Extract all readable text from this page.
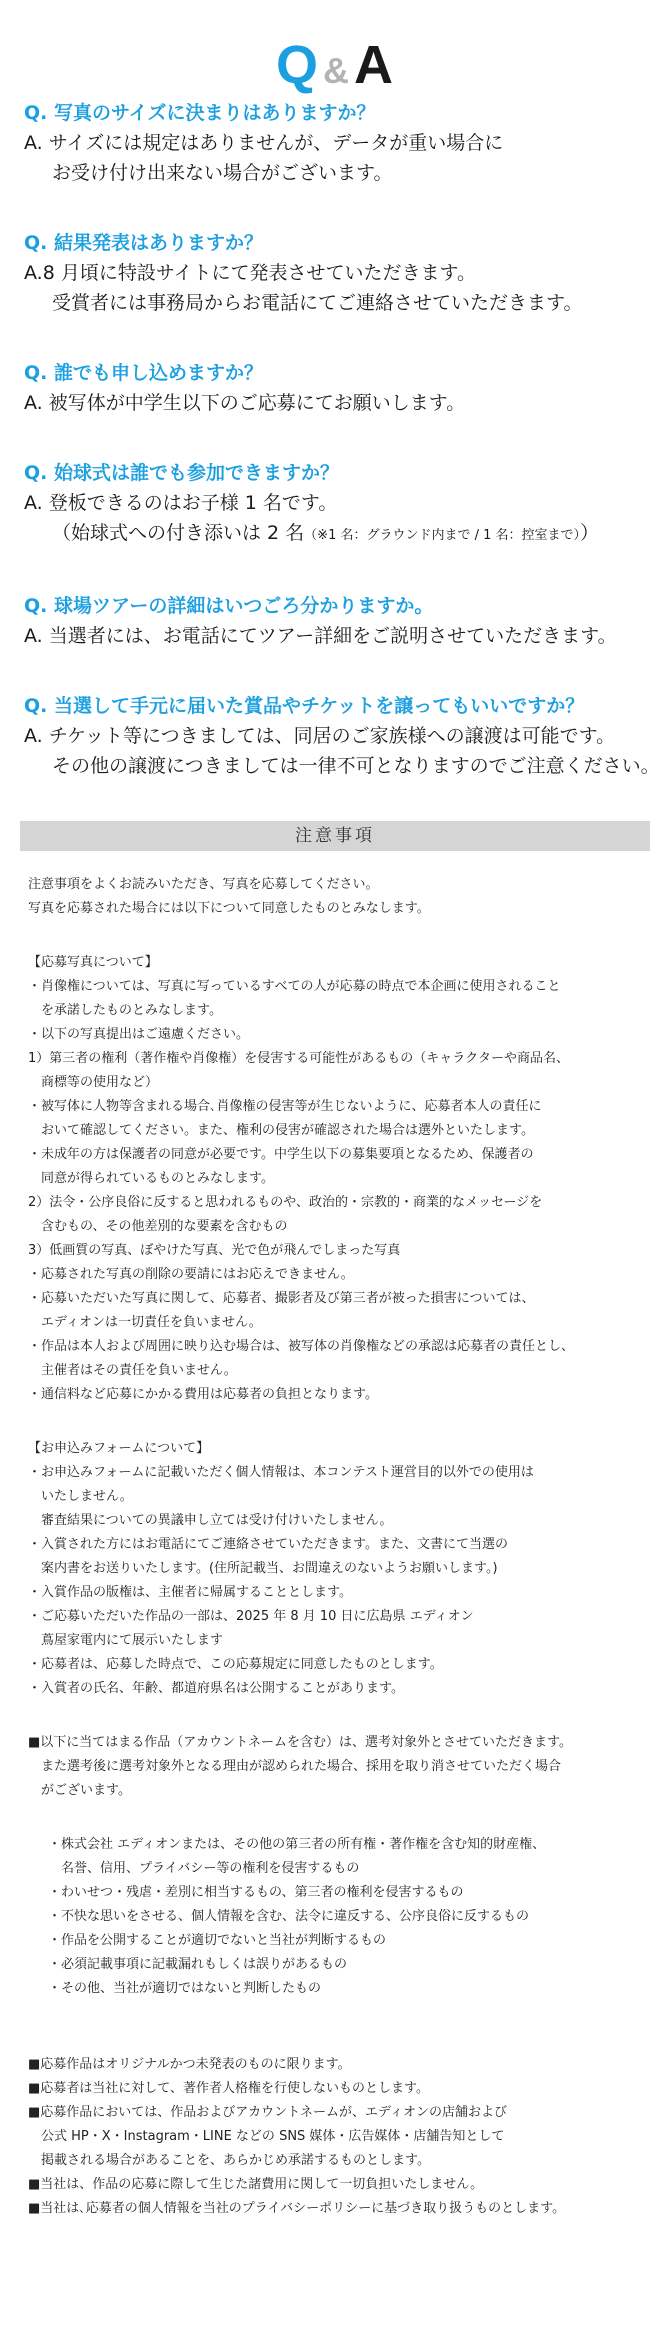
Q &A
Q. 写真のサイズに決まりはありますか？
A. サイズには規定はありませんが、データが重い場合に
お受け付け出来ない場合がございます。
Q. 結果発表はありますか？
A.8 月頃に特設サイトにて発表させていただきます。
受賞者には事務局からお電話にてご連絡させていただきます。
Q. 誰でも申し込めますか？
A. 被写体が中学生以下のご応募にてお願いします。
Q. 始球式は誰でも参加できますか？
A. 登板できるのはお子様 1 名です。
（始球式への付き添いは 2 名（※1 名：グラウンド内まで / 1 名：控室まで））
Q. 球場ツアーの詳細はいつごろ分かりますか。
A. 当選者には、お電話にてツアー詳細をご説明させていただきます。
Q. 当選して手元に届いた賞品やチケットを譲ってもいいですか？
A. チケット等につきましては、同居のご家族様への譲渡は可能です。
その他の譲渡につきましては一律不可となりますのでご注意ください。
注意事項
注意事項をよくお読みいただき、写真を応募してください。
写真を応募された場合には以下について同意したものとみなします。
【応募写真について】
・肖像権については、写真に写っているすべての人が応募の時点で本企画に使用されること
　を承諾したものとみなします。
・以下の写真提出はご遠慮ください。
1）第三者の権利（著作権や肖像権）を侵害する可能性があるもの（キャラクターや商品名、
　商標等の使用など）
・被写体に人物等含まれる場合､肖像権の侵害等が生じないように、応募者本人の責任に
　おいて確認してください。また、権利の侵害が確認された場合は選外といたします。
・未成年の方は保護者の同意が必要です。中学生以下の募集要項となるため、保護者の
　同意が得られているものとみなします。
2）法令・公序良俗に反すると思われるものや、政治的・宗教的・商業的なメッセージを
　含むもの、その他差別的な要素を含むもの
3）低画質の写真、ぼやけた写真、光で色が飛んでしまった写真
・応募された写真の削除の要請にはお応えできません。
・応募いただいた写真に関して、応募者、撮影者及び第三者が被った損害については、
　エディオンは一切責任を負いません。
・作品は本人および周囲に映り込む場合は、被写体の肖像権などの承認は応募者の責任とし、
　主催者はその責任を負いません。
・通信料など応募にかかる費用は応募者の負担となります。
【お申込みフォームについて】
・お申込みフォームに記載いただく個人情報は、本コンテスト運営目的以外での使用は
　いたしません。
　審査結果についての異議申し立ては受け付けいたしません。
・入賞された方にはお電話にてご連絡させていただきます。また、文書にて当選の
　案内書をお送りいたします。(住所記載当、お間違えのないようお願いします。)
・入賞作品の版権は、主催者に帰属することとします。
・ご応募いただいた作品の一部は、2025 年 8 月 10 日に広島県 エディオン
　蔦屋家電内にて展示いたします
・応募者は、応募した時点で、この応募規定に同意したものとします。
・入賞者の氏名、年齢、都道府県名は公開することがあります。
■以下に当てはまる作品（アカウントネームを含む）は、選考対象外とさせていただきます。
　また選考後に選考対象外となる理由が認められた場合、採用を取り消させていただく場合
　がございます。
・株式会社 エディオンまたは、その他の第三者の所有権・著作権を含む知的財産権、
　名誉、信用、プライバシー等の権利を侵害するもの
・わいせつ・残虐・差別に相当するもの、第三者の権利を侵害するもの
・不快な思いをさせる、個人情報を含む、法令に違反する、公序良俗に反するもの
・作品を公開することが適切でないと当社が判断するもの
・必須記載事項に記載漏れもしくは誤りがあるもの
・その他、当社が適切ではないと判断したもの
■応募作品はオリジナルかつ未発表のものに限ります。
■応募者は当社に対して、著作者人格権を行使しないものとします。
■応募作品においては、作品およびアカウントネームが、エディオンの店舗および
　公式 HP・X・Instagram・LINE などの SNS 媒体・広告媒体・店舗告知として
　掲載される場合があることを、あらかじめ承諾するものとします。
■当社は、作品の応募に際して生じた諸費用に関して一切負担いたしません。
■当社は､応募者の個人情報を当社のプライバシーポリシーに基づき取り扱うものとします。
